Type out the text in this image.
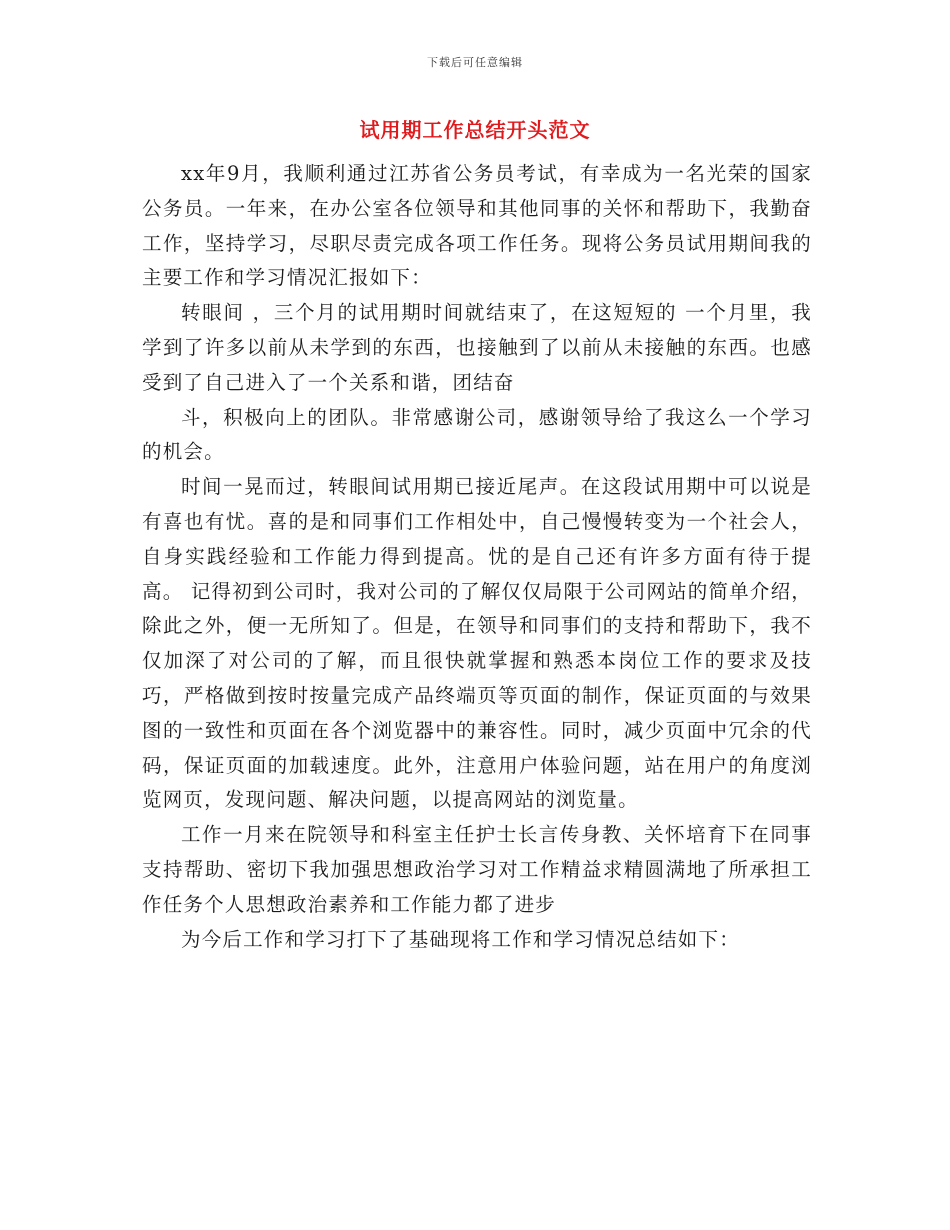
下载后可任意编辑
试用期工作总结开头范文

xx年9月，我顺利通过江苏省公务员考试，有幸成为一名光荣的国家公务员。一年来，在办公室各位领导和其他同事的关怀和帮助下，我勤奋工作，坚持学习，尽职尽责完成各项工作任务。现将公务员试用期间我的主要工作和学习情况汇报如下：

转眼间 ，三个月的试用期时间就结束了，在这短短的 一个月里，我学到了许多以前从未学到的东西，也接触到了以前从未接触的东西。也感受到了自己进入了一个关系和谐，团结奋

斗，积极向上的团队。非常感谢公司，感谢领导给了我这么一个学习的机会。

时间一晃而过，转眼间试用期已接近尾声。在这段试用期中可以说是有喜也有忧。喜的是和同事们工作相处中，自己慢慢转变为一个社会人，自身实践经验和工作能力得到提高。忧的是自己还有许多方面有待于提高。 记得初到公司时，我对公司的了解仅仅局限于公司网站的简单介绍，除此之外，便一无所知了。但是，在领导和同事们的支持和帮助下，我不仅加深了对公司的了解，而且很快就掌握和熟悉本岗位工作的要求及技巧，严格做到按时按量完成产品终端页等页面的制作，保证页面的与效果图的一致性和页面在各个浏览器中的兼容性。同时，减少页面中冗余的代码，保证页面的加载速度。此外，注意用户体验问题，站在用户的角度浏览网页，发现问题、解决问题，以提高网站的浏览量。

工作一月来在院领导和科室主任护士长言传身教、关怀培育下在同事支持帮助、密切下我加强思想政治学习对工作精益求精圆满地了所承担工作任务个人思想政治素养和工作能力都了进步

为今后工作和学习打下了基础现将工作和学习情况总结如下：
